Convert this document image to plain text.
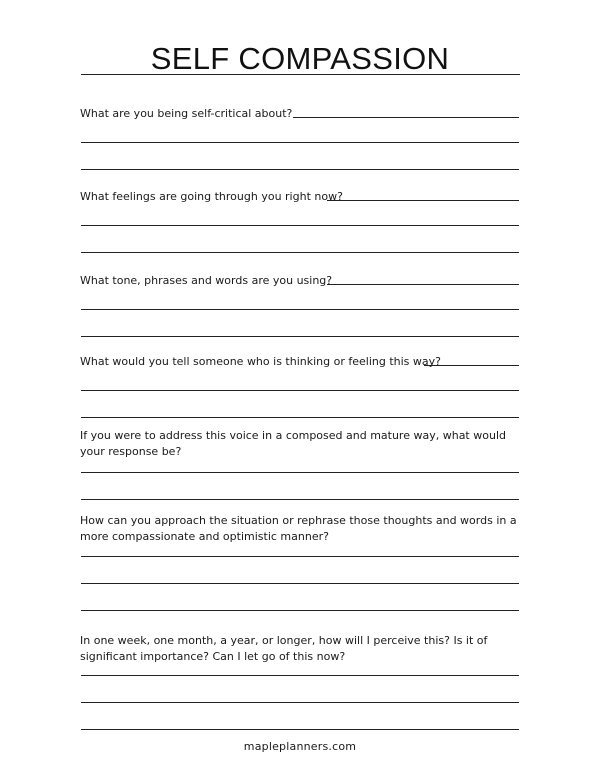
SELF COMPASSION
What are you being self-critical about?
What feelings are going through you right now?
What tone, phrases and words are you using?
What would you tell someone who is thinking or feeling this way?
If you were to address this voice in a composed and mature way, what would your response be?
How can you approach the situation or rephrase those thoughts and words in a more compassionate and optimistic manner?
In one week, one month, a year, or longer, how will I perceive this? Is it of significant importance? Can I let go of this now?
mapleplanners.com
